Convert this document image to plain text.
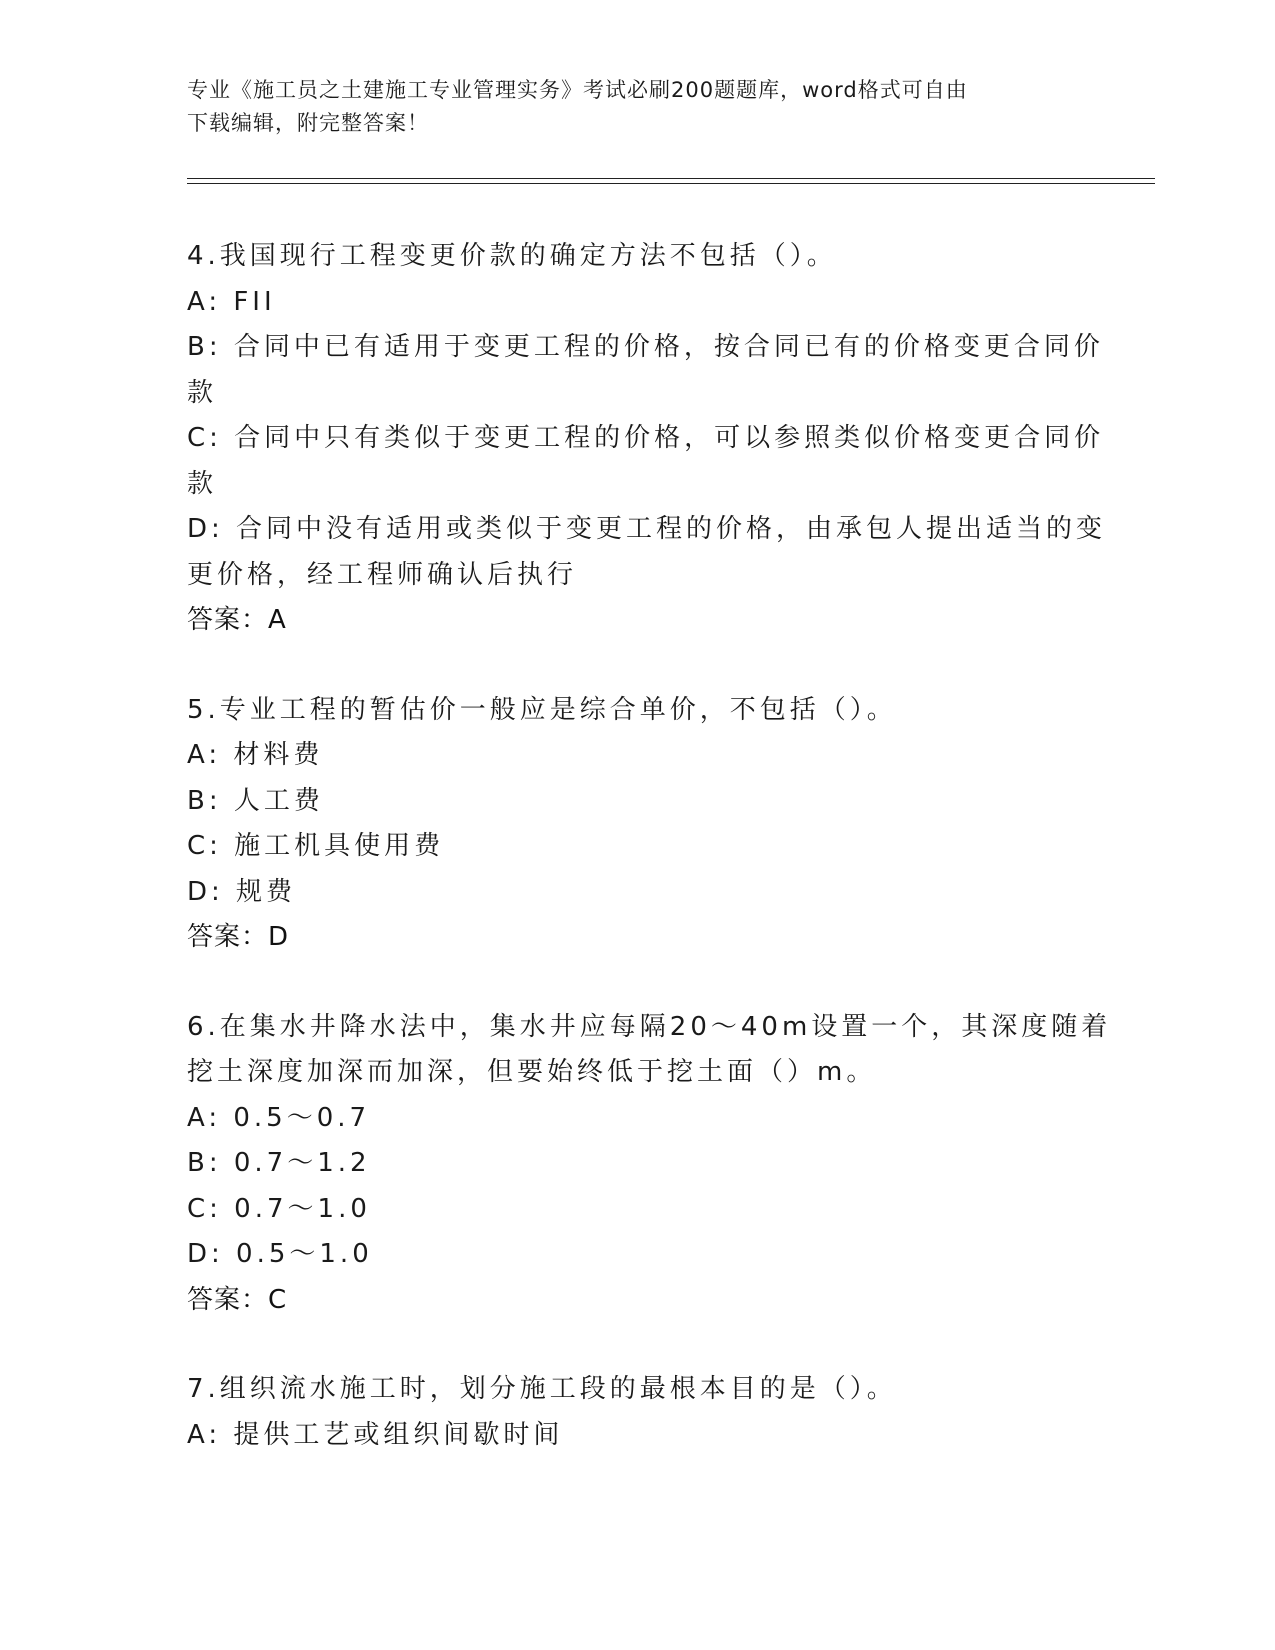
专业《施工员之土建施工专业管理实务》考试必刷200题题库，word格式可自由
下载编辑，附完整答案！
4.我国现行工程变更价款的确定方法不包括（）。
A: FII
B: 合同中已有适用于变更工程的价格，按合同已有的价格变更合同价
款
C: 合同中只有类似于变更工程的价格，可以参照类似价格变更合同价
款
D: 合同中没有适用或类似于变更工程的价格，由承包人提出适当的变
更价格，经工程师确认后执行
答案：A
5.专业工程的暂估价一般应是综合单价，不包括（）。
A: 材料费
B: 人工费
C: 施工机具使用费
D: 规费
答案：D
6.在集水井降水法中，集水井应每隔20～40m设置一个，其深度随着
挖土深度加深而加深，但要始终低于挖土面（）m。
A: 0.5～0.7
B: 0.7～1.2
C: 0.7～1.0
D: 0.5～1.0
答案：C
7.组织流水施工时，划分施工段的最根本目的是（）。
A: 提供工艺或组织间歇时间
